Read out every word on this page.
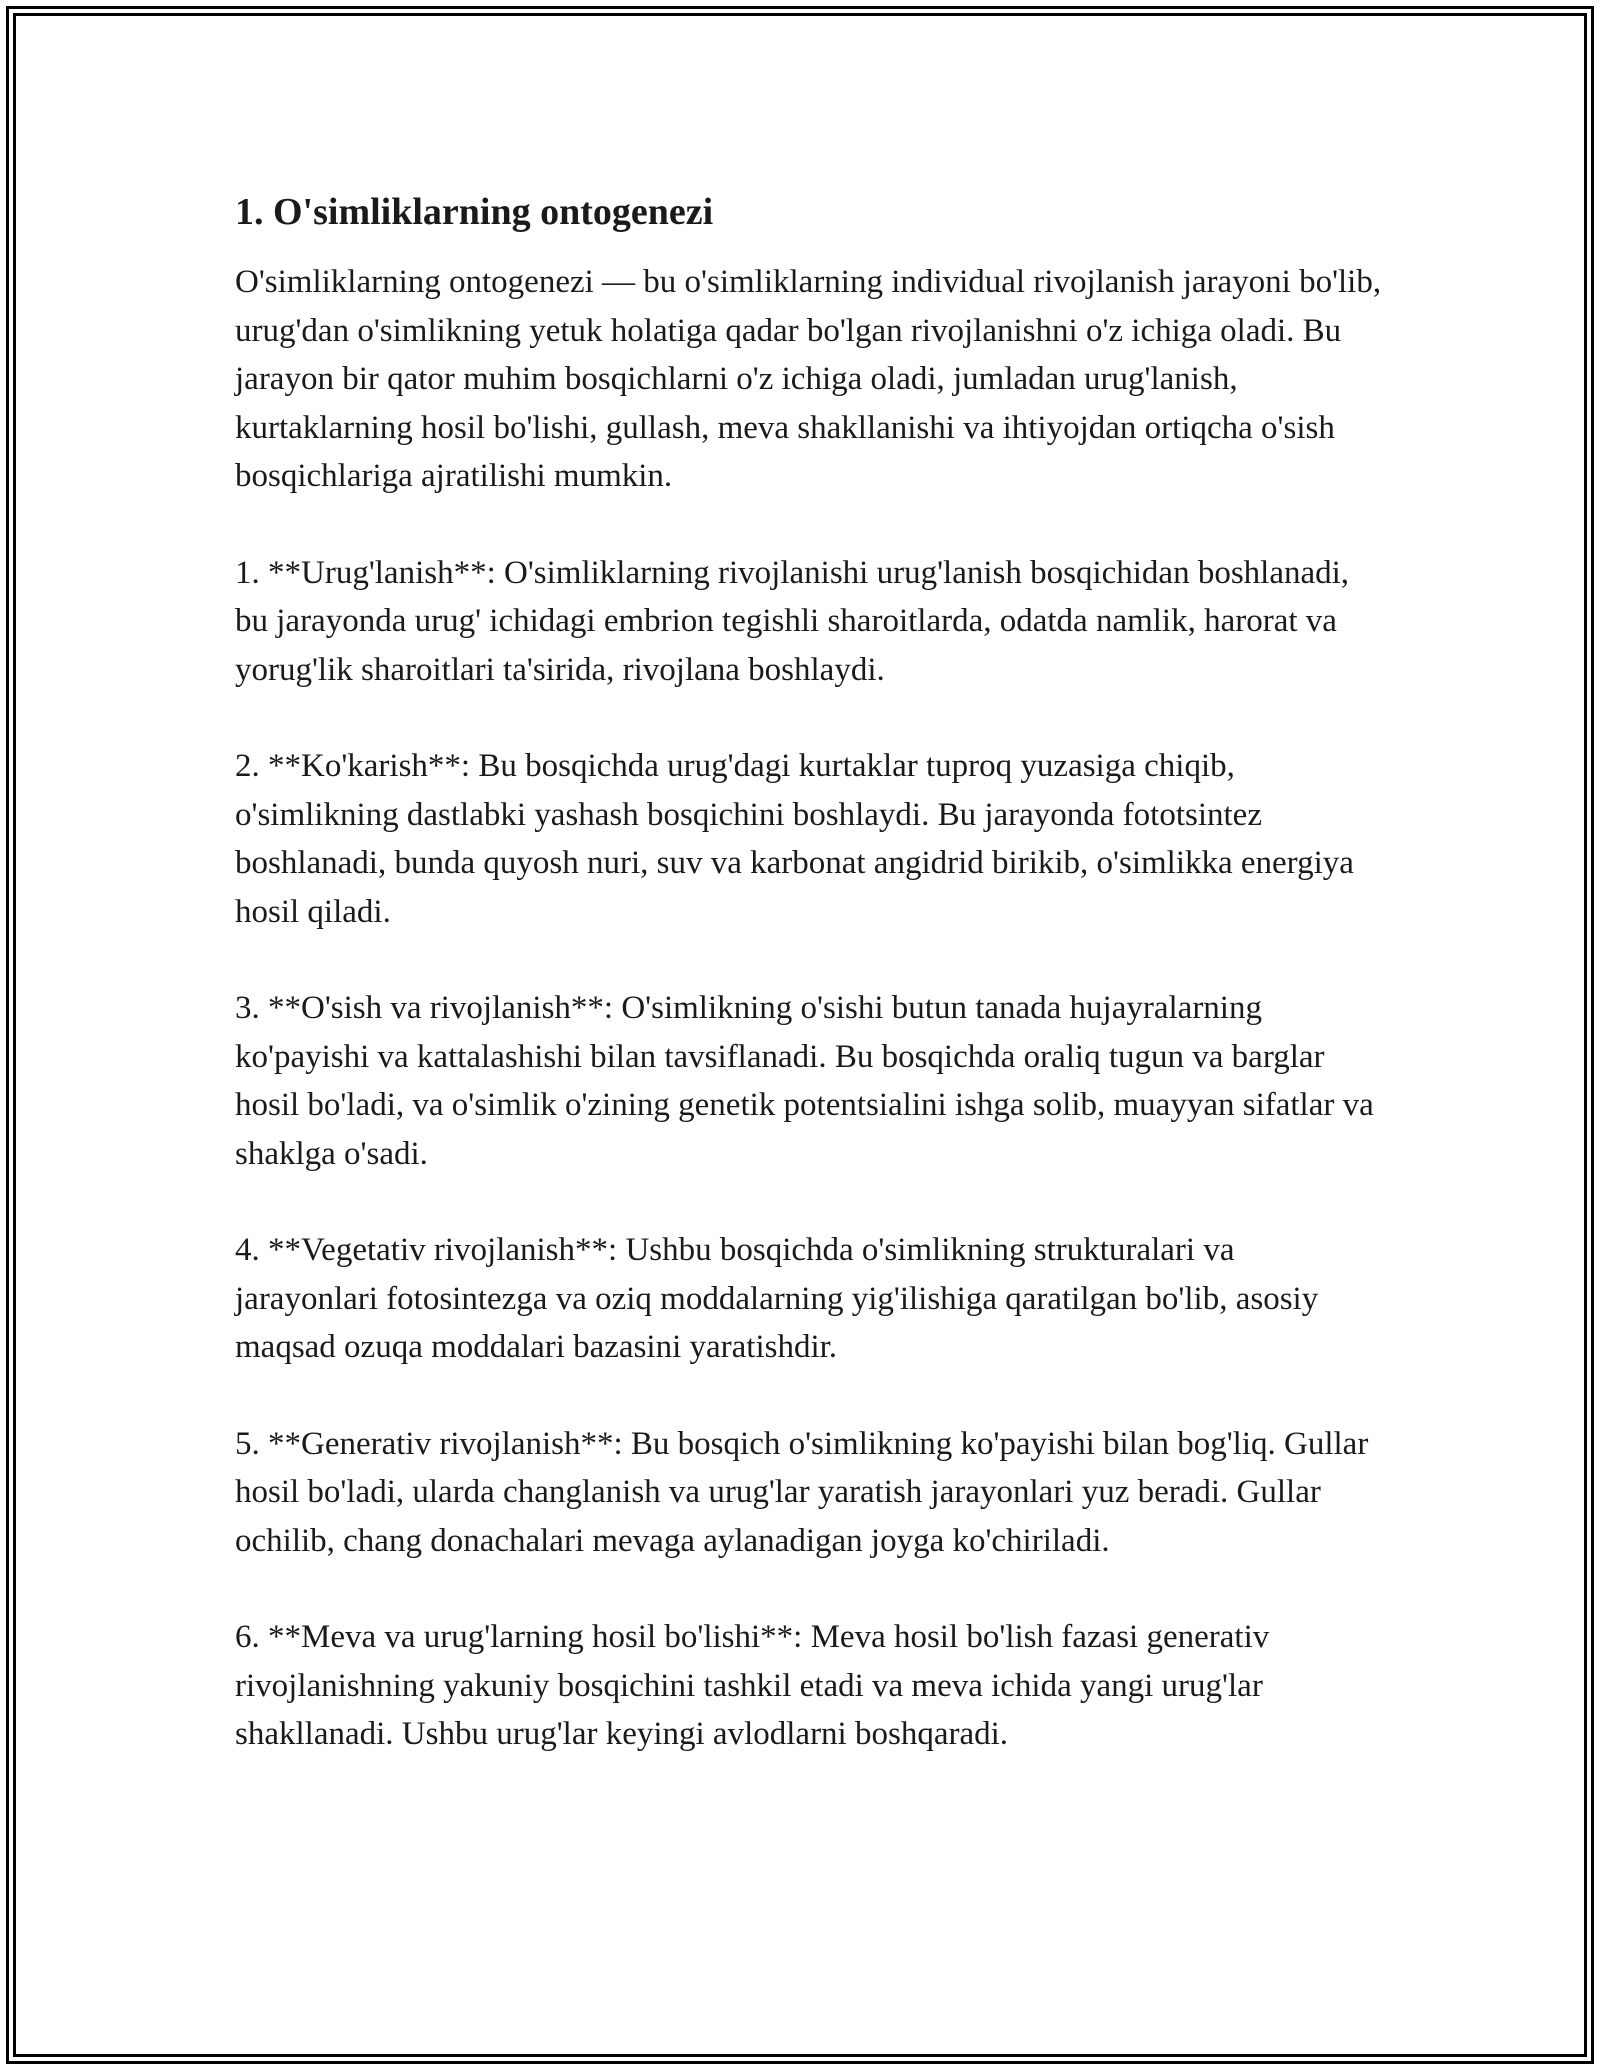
1. O'simliklarning ontogenezi
O'simliklarning ontogenezi — bu o'simliklarning individual rivojlanish jarayoni bo'lib, urug'dan o'simlikning yetuk holatiga qadar bo'lgan rivojlanishni o'z ichiga oladi. Bu jarayon bir qator muhim bosqichlarni o'z ichiga oladi, jumladan urug'lanish, kurtaklarning hosil bo'lishi, gullash, meva shakllanishi va ihtiyojdan ortiqcha o'sish bosqichlariga ajratilishi mumkin.
1. **Urug'lanish**: O'simliklarning rivojlanishi urug'lanish bosqichidan boshlanadi, bu jarayonda urug' ichidagi embrion tegishli sharoitlarda, odatda namlik, harorat va yorug'lik sharoitlari ta'sirida, rivojlana boshlaydi.
2. **Ko'karish**: Bu bosqichda urug'dagi kurtaklar tuproq yuzasiga chiqib, o'simlikning dastlabki yashash bosqichini boshlaydi. Bu jarayonda fototsintez boshlanadi, bunda quyosh nuri, suv va karbonat angidrid birikib, o'simlikka energiya hosil qiladi.
3. **O'sish va rivojlanish**: O'simlikning o'sishi butun tanada hujayralarning ko'payishi va kattalashishi bilan tavsiflanadi. Bu bosqichda oraliq tugun va barglar hosil bo'ladi, va o'simlik o'zining genetik potentsialini ishga solib, muayyan sifatlar va shaklga o'sadi.
4. **Vegetativ rivojlanish**: Ushbu bosqichda o'simlikning strukturalari va jarayonlari fotosintezga va oziq moddalarning yig'ilishiga qaratilgan bo'lib, asosiy maqsad ozuqa moddalari bazasini yaratishdir.
5. **Generativ rivojlanish**: Bu bosqich o'simlikning ko'payishi bilan bog'liq. Gullar hosil bo'ladi, ularda changlanish va urug'lar yaratish jarayonlari yuz beradi. Gullar ochilib, chang donachalari mevaga aylanadigan joyga ko'chiriladi.
6. **Meva va urug'larning hosil bo'lishi**: Meva hosil bo'lish fazasi generativ rivojlanishning yakuniy bosqichini tashkil etadi va meva ichida yangi urug'lar shakllanadi. Ushbu urug'lar keyingi avlodlarni boshqaradi.
